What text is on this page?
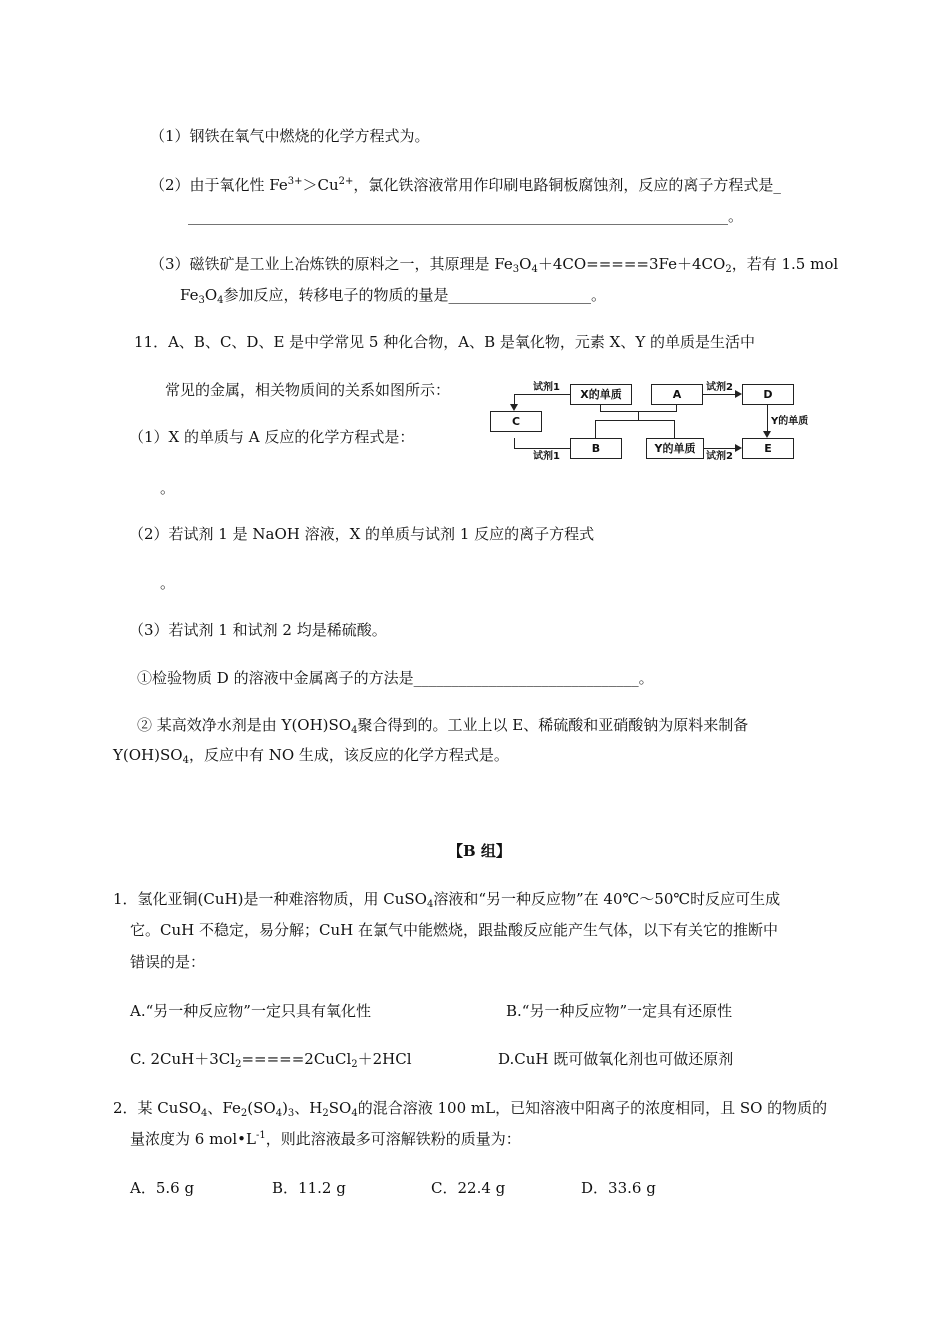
（1）钢铁在氧气中燃烧的化学方程式为。
（2）由于氧化性 $Fe^{3+}>Cu^{2+}$，氯化铁溶液常用作印刷电路铜板腐蚀剂，反应的离子方程式是_
________________________________________________________________________。
（3）磁铁矿是工业上冶炼铁的原料之一，其原理是 $Fe_3O_4+4CO=====3Fe+4CO_2$，若有 1.5 mol
$Fe_3O_4$参加反应，转移电子的物质的量是___________________。
11．A、B、C、D、E 是中学常见 5 种化合物，A、B 是氧化物，元素 X、Y 的单质是生活中
常见的金属，相关物质间的关系如图所示：
（1）X 的单质与 A 反应的化学方程式是：
。
（2）若试剂 1 是 NaOH 溶液，X 的单质与试剂 1 反应的离子方程式
。
（3）若试剂 1 和试剂 2 均是稀硫酸。
①检验物质 D 的溶液中金属离子的方法是______________________________。
② 某高效净水剂是由 $Y(OH)SO_4$聚合得到的。工业上以 E、稀硫酸和亚硝酸钠为原料来制备
$Y(OH)SO_4$，反应中有 NO 生成，该反应的化学方程式是。
X的单质	A	D
C
B	Y的单质	E
试剂1	试剂2
Y的单质
试剂1	试剂2
【B 组】
1．氢化亚铜(CuH)是一种难溶物质，用 CuSO$_4$溶液和“另一种反应物”在 40℃～50℃时反应可生成
它。CuH 不稳定，易分解；CuH 在氯气中能燃烧，跟盐酸反应能产生气体，以下有关它的推断中
错误的是：
A.“另一种反应物”一定只具有氧化性	B.“另一种反应物”一定具有还原性
C. $2CuH+3Cl_2=====2CuCl_2+2HCl$	D.CuH 既可做氧化剂也可做还原剂
2．某 CuSO$_4$、$Fe_2(SO_4)_3$、$H_2SO_4$的混合溶液 100 mL，已知溶液中阳离子的浓度相同，且 SO 的物质的
量浓度为 6 $mol•L^{-1}$，则此溶液最多可溶解铁粉的质量为：
A．5.6 g	B．11.2 g	C．22.4 g	D．33.6 g
